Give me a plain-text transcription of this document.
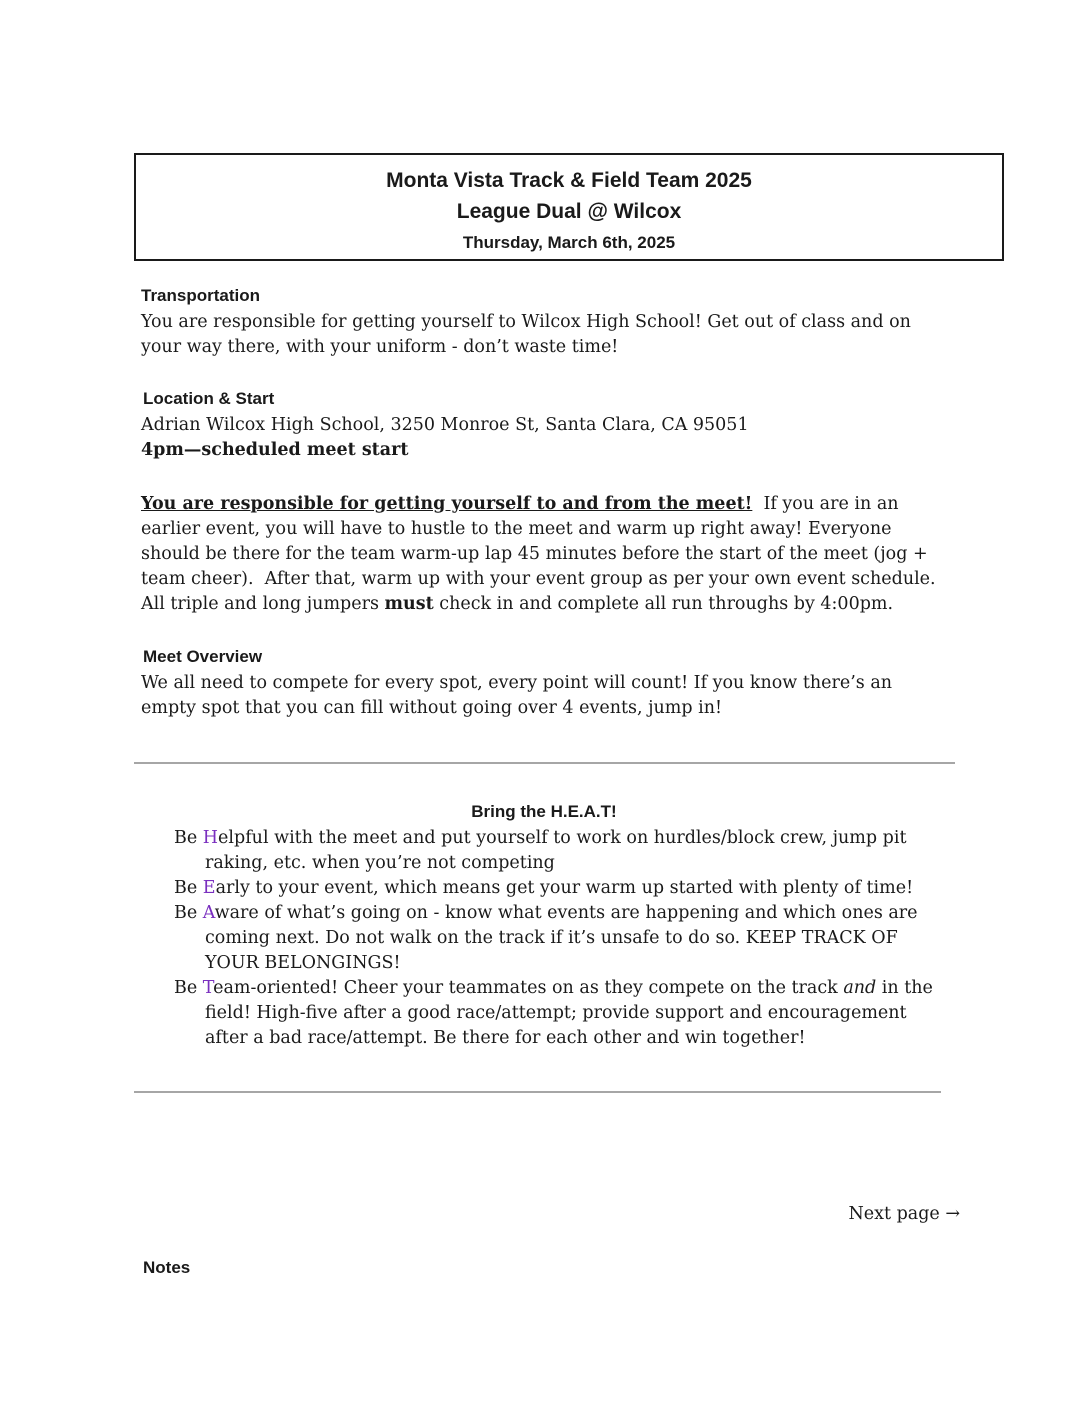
Monta Vista Track & Field Team 2025
League Dual @ Wilcox
Thursday, March 6th, 2025
Transportation
You are responsible for getting yourself to Wilcox High School! Get out of class and on
your way there, with your uniform - don’t waste time!
Location & Start
Adrian Wilcox High School, 3250 Monroe St, Santa Clara, CA 95051
4pm—scheduled meet start
You are responsible for getting yourself to and from the meet!  If you are in an
earlier event, you will have to hustle to the meet and warm up right away! Everyone
should be there for the team warm-up lap 45 minutes before the start of the meet (jog +
team cheer).  After that, warm up with your event group as per your own event schedule.
All triple and long jumpers must check in and complete all run throughs by 4:00pm.
Meet Overview
We all need to compete for every spot, every point will count! If you know there’s an
empty spot that you can fill without going over 4 events, jump in!
Bring the H.E.A.T!
Be Helpful with the meet and put yourself to work on hurdles/block crew, jump pit
raking, etc. when you’re not competing
Be Early to your event, which means get your warm up started with plenty of time!
Be Aware of what’s going on - know what events are happening and which ones are
coming next. Do not walk on the track if it’s unsafe to do so. KEEP TRACK OF
YOUR BELONGINGS!
Be Team-oriented! Cheer your teammates on as they compete on the track and in the
field! High-five after a good race/attempt; provide support and encouragement
after a bad race/attempt. Be there for each other and win together!
Next page →
Notes
